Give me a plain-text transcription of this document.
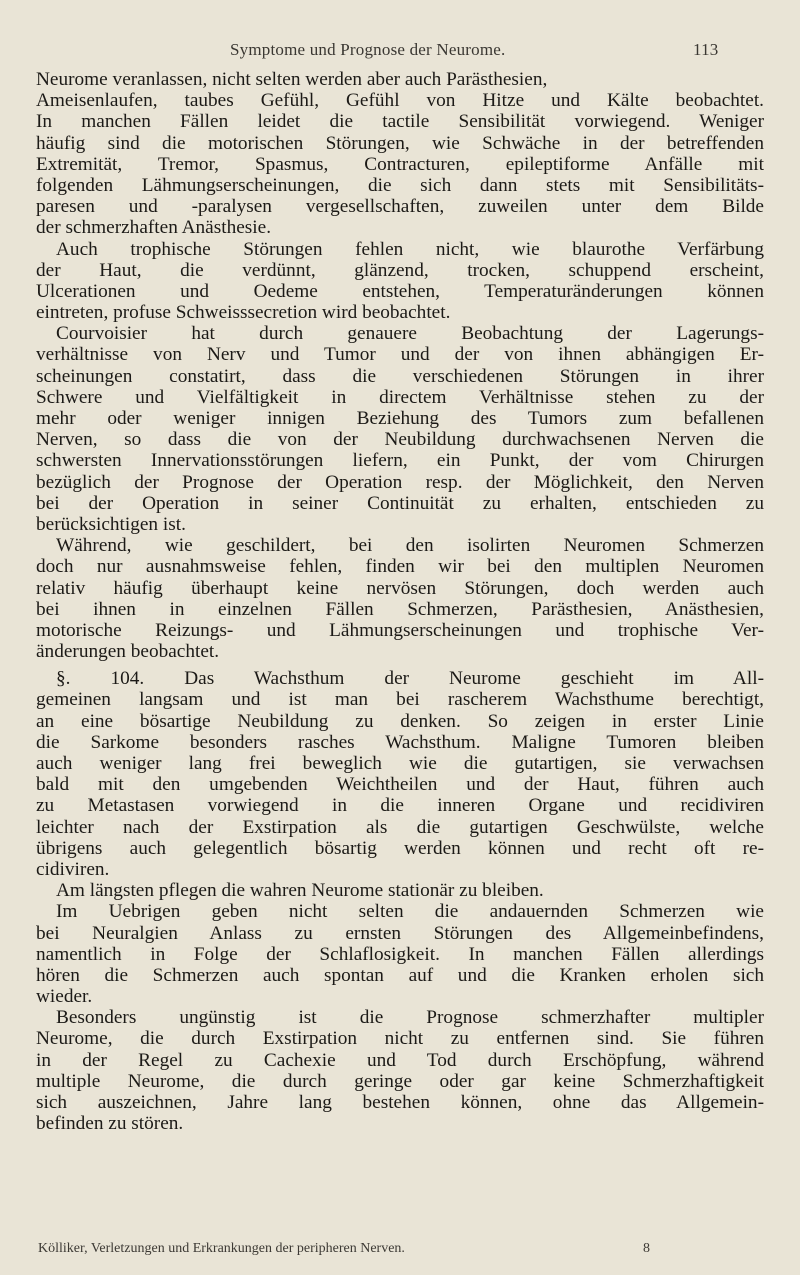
Symptome und Prognose der Neurome.	113
Neurome veranlassen, nicht selten werden aber auch Parästhesien,
Ameisenlaufen, taubes Gefühl, Gefühl von Hitze und Kälte beobachtet.
In manchen Fällen leidet die tactile Sensibilität vorwiegend. Weniger
häufig sind die motorischen Störungen, wie Schwäche in der betreffenden
Extremität, Tremor, Spasmus, Contracturen, epileptiforme Anfälle mit
folgenden Lähmungserscheinungen, die sich dann stets mit Sensibilitäts-
paresen und -paralysen vergesellschaften, zuweilen unter dem Bilde
der schmerzhaften Anästhesie.
Auch trophische Störungen fehlen nicht, wie blaurothe Verfärbung
der Haut, die verdünnt, glänzend, trocken, schuppend erscheint,
Ulcerationen und Oedeme entstehen, Temperaturänderungen können
eintreten, profuse Schweisssecretion wird beobachtet.
Courvoisier hat durch genauere Beobachtung der Lagerungs-
verhältnisse von Nerv und Tumor und der von ihnen abhängigen Er-
scheinungen constatirt, dass die verschiedenen Störungen in ihrer
Schwere und Vielfältigkeit in directem Verhältnisse stehen zu der
mehr oder weniger innigen Beziehung des Tumors zum befallenen
Nerven, so dass die von der Neubildung durchwachsenen Nerven die
schwersten Innervationsstörungen liefern, ein Punkt, der vom Chirurgen
bezüglich der Prognose der Operation resp. der Möglichkeit, den Nerven
bei der Operation in seiner Continuität zu erhalten, entschieden zu
berücksichtigen ist.
Während, wie geschildert, bei den isolirten Neuromen Schmerzen
doch nur ausnahmsweise fehlen, finden wir bei den multiplen Neuromen
relativ häufig überhaupt keine nervösen Störungen, doch werden auch
bei ihnen in einzelnen Fällen Schmerzen, Parästhesien, Anästhesien,
motorische Reizungs- und Lähmungserscheinungen und trophische Ver-
änderungen beobachtet.
§. 104. Das Wachsthum der Neurome geschieht im All-
gemeinen langsam und ist man bei rascherem Wachsthume berechtigt,
an eine bösartige Neubildung zu denken. So zeigen in erster Linie
die Sarkome besonders rasches Wachsthum. Maligne Tumoren bleiben
auch weniger lang frei beweglich wie die gutartigen, sie verwachsen
bald mit den umgebenden Weichtheilen und der Haut, führen auch
zu Metastasen vorwiegend in die inneren Organe und recidiviren
leichter nach der Exstirpation als die gutartigen Geschwülste, welche
übrigens auch gelegentlich bösartig werden können und recht oft re-
cidiviren.
Am längsten pflegen die wahren Neurome stationär zu bleiben.
Im Uebrigen geben nicht selten die andauernden Schmerzen wie
bei Neuralgien Anlass zu ernsten Störungen des Allgemeinbefindens,
namentlich in Folge der Schlaflosigkeit. In manchen Fällen allerdings
hören die Schmerzen auch spontan auf und die Kranken erholen sich
wieder.
Besonders ungünstig ist die Prognose schmerzhafter multipler
Neurome, die durch Exstirpation nicht zu entfernen sind. Sie führen
in der Regel zu Cachexie und Tod durch Erschöpfung, während
multiple Neurome, die durch geringe oder gar keine Schmerzhaftigkeit
sich auszeichnen, Jahre lang bestehen können, ohne das Allgemein-
befinden zu stören.
Kölliker, Verletzungen und Erkrankungen der peripheren Nerven.	8
